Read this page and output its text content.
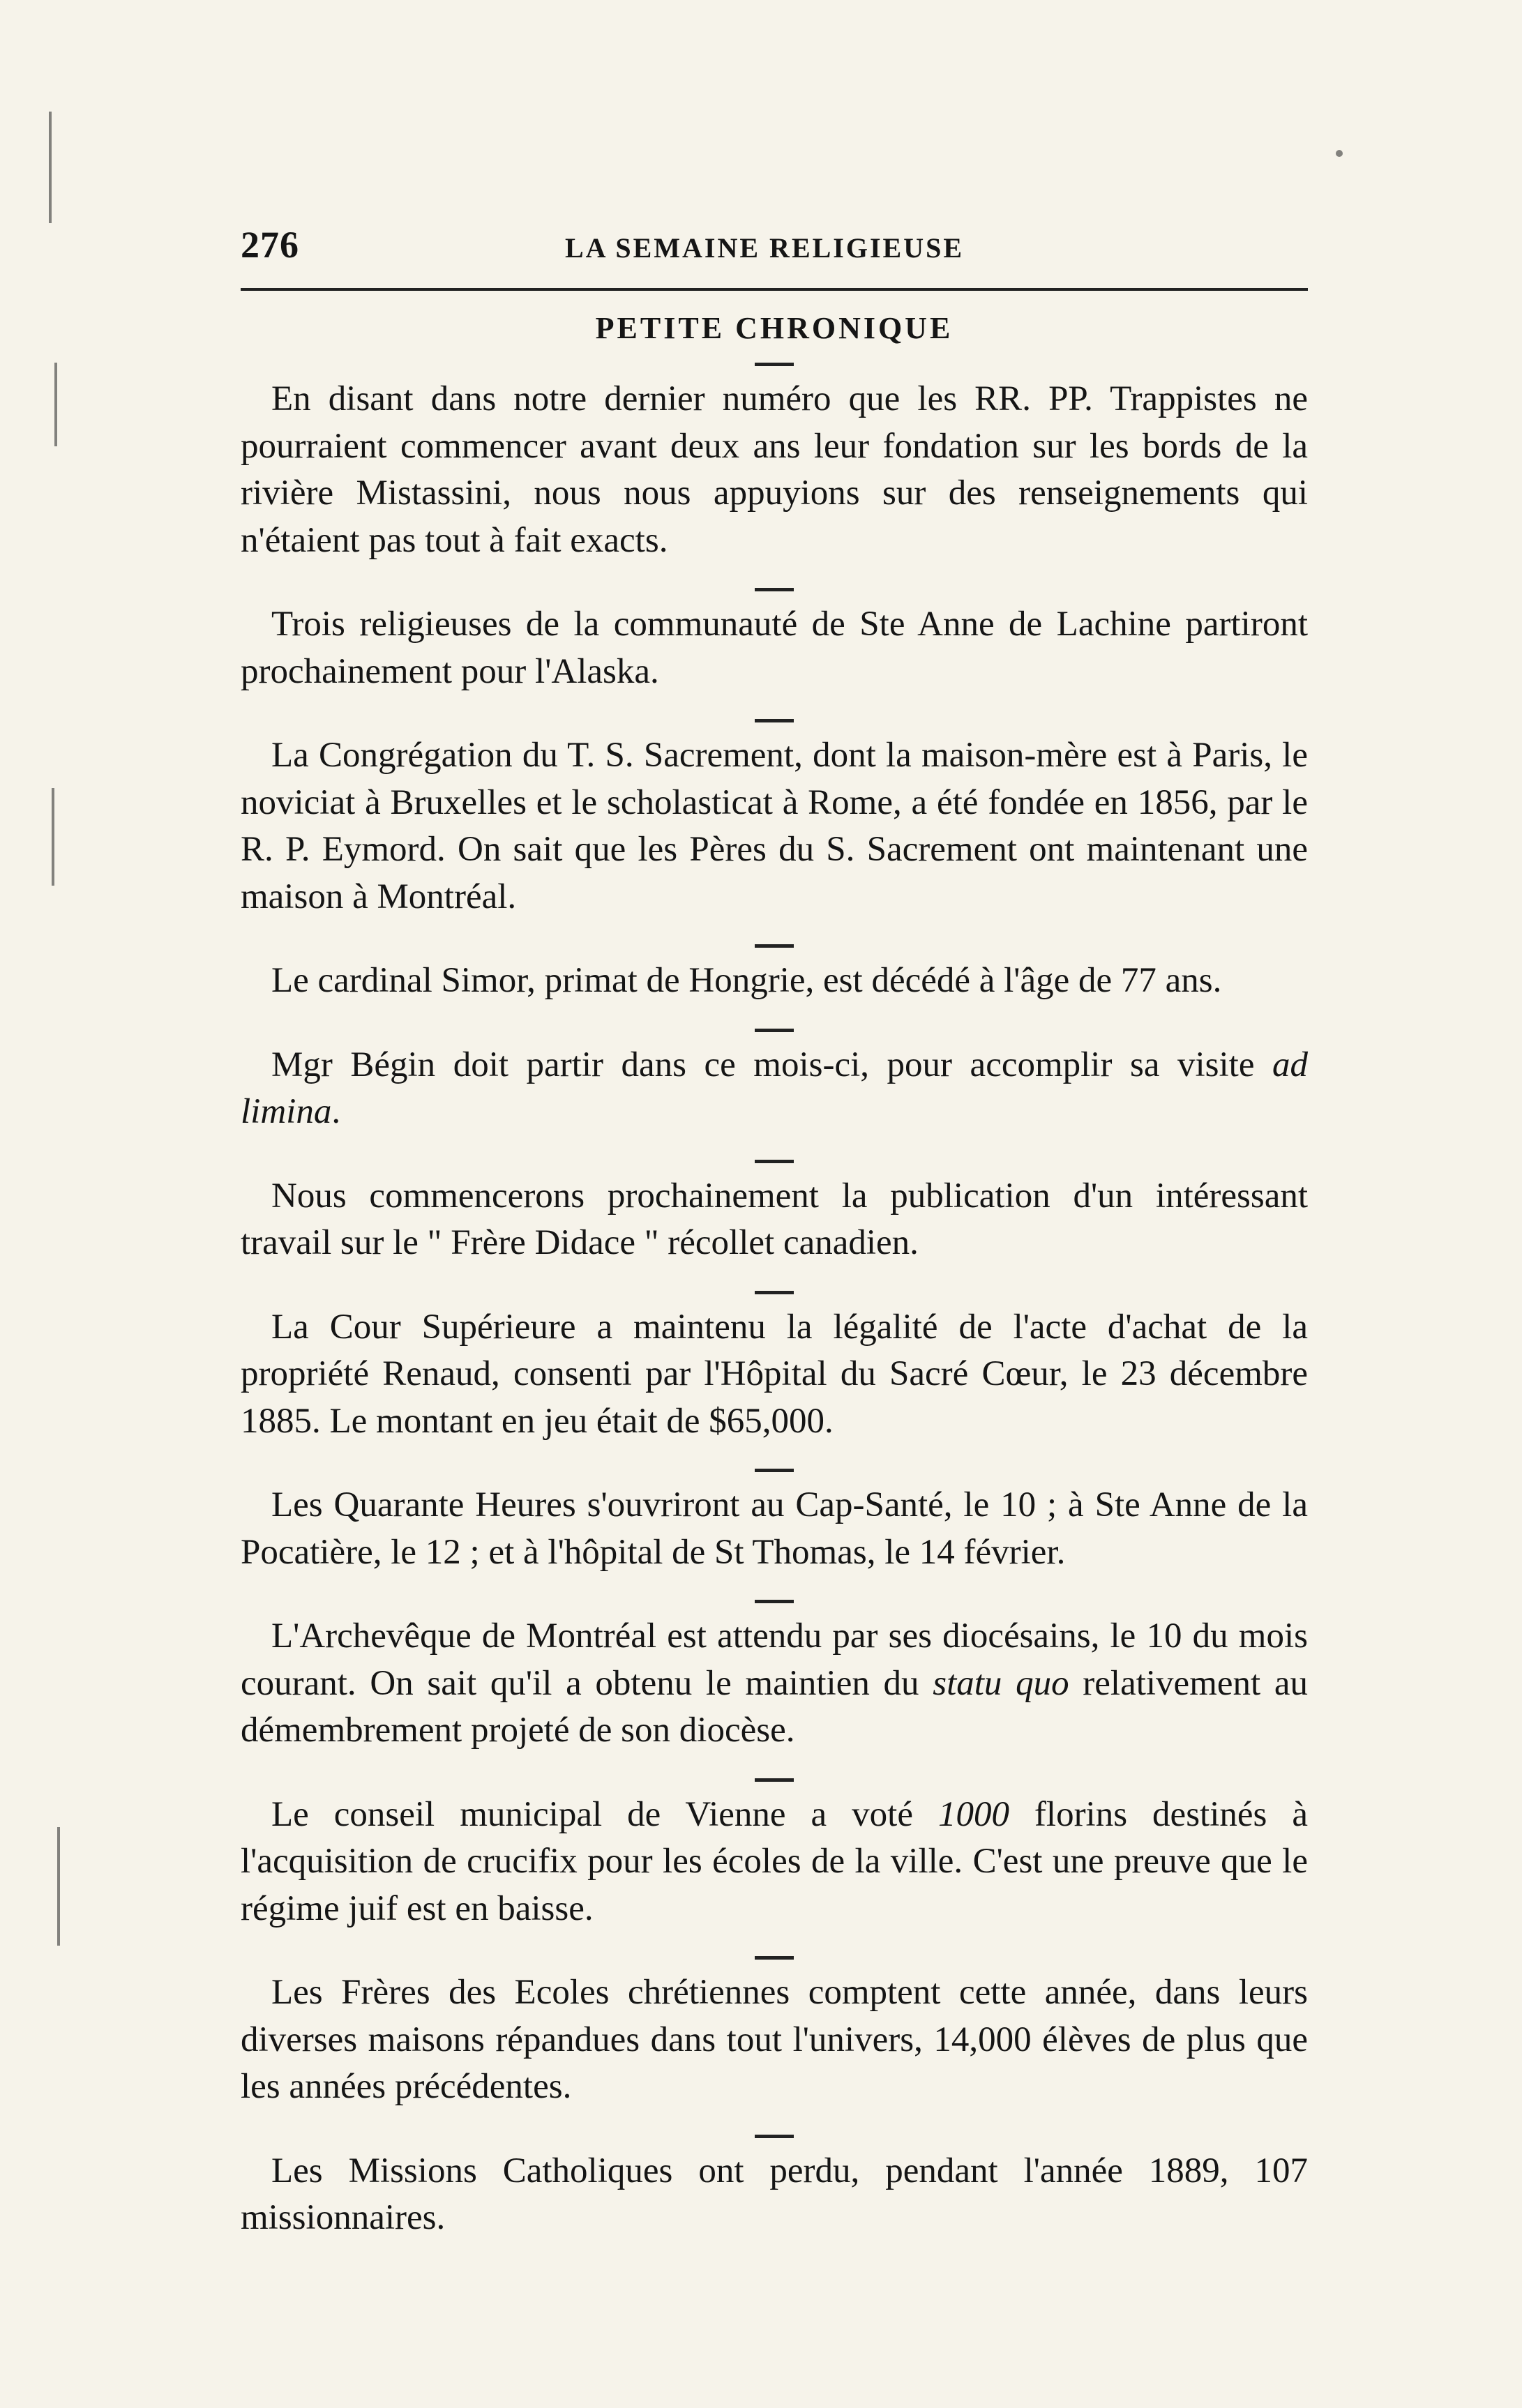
276	LA SEMAINE RELIGIEUSE
PETITE CHRONIQUE

En disant dans notre dernier numéro que les RR. PP. Trappistes ne pourraient commencer avant deux ans leur fondation sur les bords de la rivière Mistassini, nous nous appuyions sur des renseignements qui n'étaient pas tout à fait exacts.

Trois religieuses de la communauté de Ste Anne de Lachine partiront prochainement pour l'Alaska.

La Congrégation du T. S. Sacrement, dont la maison-mère est à Paris, le noviciat à Bruxelles et le scholasticat à Rome, a été fondée en 1856, par le R. P. Eymord. On sait que les Pères du S. Sacrement ont maintenant une maison à Montréal.

Le cardinal Simor, primat de Hongrie, est décédé à l'âge de 77 ans.

Mgr Bégin doit partir dans ce mois-ci, pour accomplir sa visite ad limina.

Nous commencerons prochainement la publication d'un intéressant travail sur le " Frère Didace " récollet canadien.

La Cour Supérieure a maintenu la légalité de l'acte d'achat de la propriété Renaud, consenti par l'Hôpital du Sacré Cœur, le 23 décembre 1885. Le montant en jeu était de $65,000.

Les Quarante Heures s'ouvriront au Cap-Santé, le 10 ; à Ste Anne de la Pocatière, le 12 ; et à l'hôpital de St Thomas, le 14 février.

L'Archevêque de Montréal est attendu par ses diocésains, le 10 du mois courant. On sait qu'il a obtenu le maintien du statu quo relativement au démembrement projeté de son diocèse.

Le conseil municipal de Vienne a voté 1000 florins destinés à l'acquisition de crucifix pour les écoles de la ville. C'est une preuve que le régime juif est en baisse.

Les Frères des Ecoles chrétiennes comptent cette année, dans leurs diverses maisons répandues dans tout l'univers, 14,000 élèves de plus que les années précédentes.

Les Missions Catholiques ont perdu, pendant l'année 1889, 107 missionnaires.
